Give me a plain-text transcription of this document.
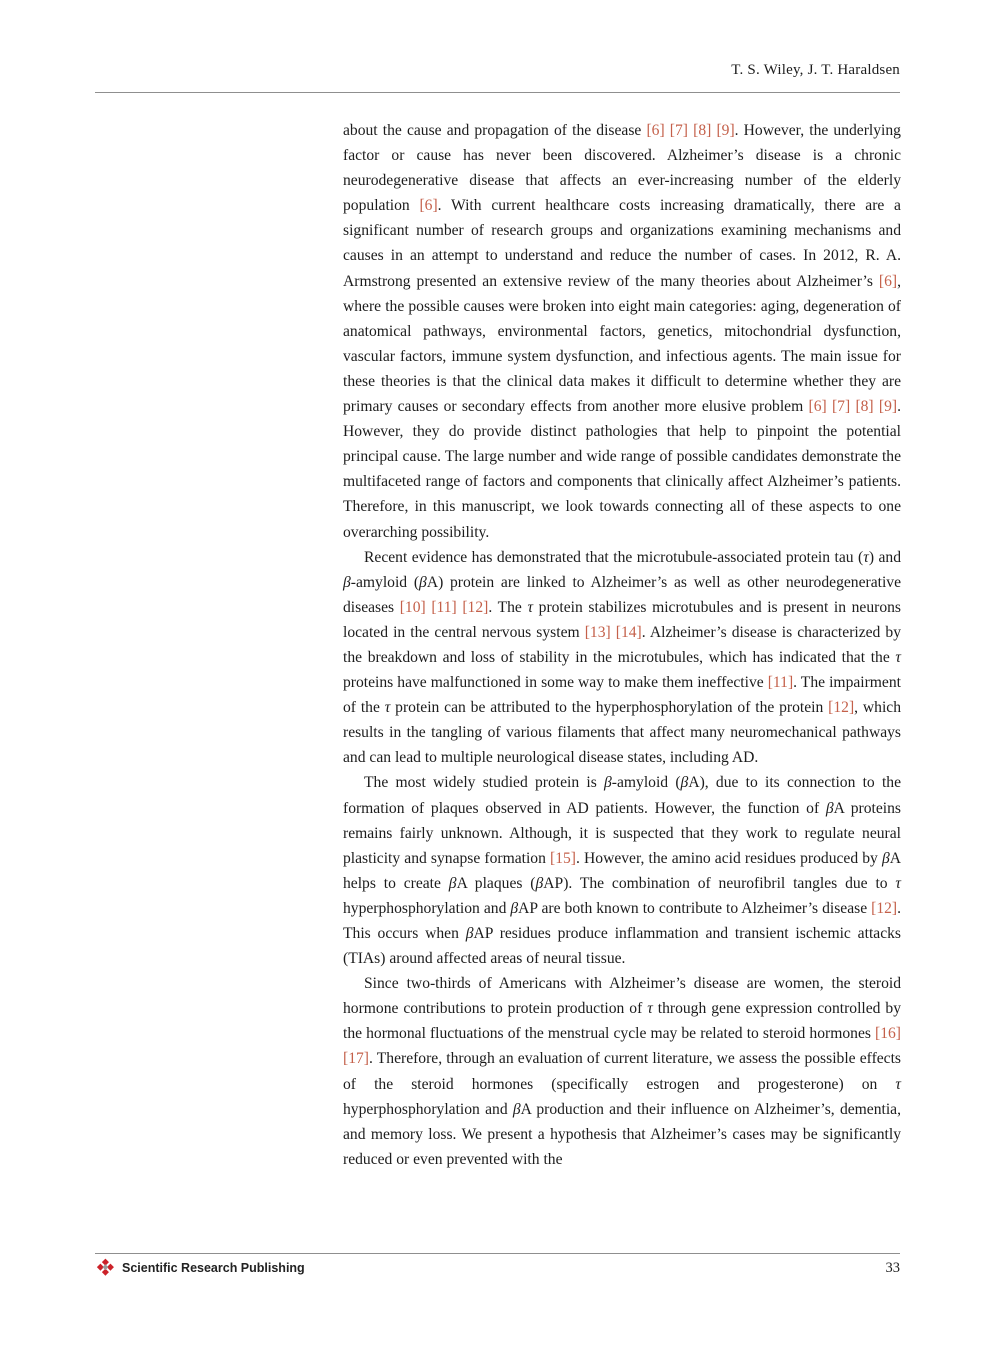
T. S. Wiley, J. T. Haraldsen

about the cause and propagation of the disease [6] [7] [8] [9]. However, the underlying factor or cause has never been discovered. Alzheimer’s disease is a chronic neurodegenerative disease that affects an ever-increasing number of the elderly population [6]. With current healthcare costs increasing dramatically, there are a significant number of research groups and organizations examining mechanisms and causes in an attempt to understand and reduce the number of cases. In 2012, R. A. Armstrong presented an extensive review of the many theories about Alzheimer’s [6], where the possible causes were broken into eight main categories: aging, degeneration of anatomical pathways, environmental factors, genetics, mitochondrial dysfunction, vascular factors, immune system dysfunction, and infectious agents. The main issue for these theories is that the clinical data makes it difficult to determine whether they are primary causes or secondary effects from another more elusive problem [6] [7] [8] [9]. However, they do provide distinct pathologies that help to pinpoint the potential principal cause. The large number and wide range of possible candidates demonstrate the multifaceted range of factors and components that clinically affect Alzheimer’s patients. Therefore, in this manuscript, we look towards connecting all of these aspects to one overarching possibility.

Recent evidence has demonstrated that the microtubule-associated protein tau (τ) and β-amyloid (βA) protein are linked to Alzheimer’s as well as other neurodegenerative diseases [10] [11] [12]. The τ protein stabilizes microtubules and is present in neurons located in the central nervous system [13] [14]. Alzheimer’s disease is characterized by the breakdown and loss of stability in the microtubules, which has indicated that the τ proteins have malfunctioned in some way to make them ineffective [11]. The impairment of the τ protein can be attributed to the hyperphosphorylation of the protein [12], which results in the tangling of various filaments that affect many neuromechanical pathways and can lead to multiple neurological disease states, including AD.

The most widely studied protein is β-amyloid (βA), due to its connection to the formation of plaques observed in AD patients. However, the function of βA proteins remains fairly unknown. Although, it is suspected that they work to regulate neural plasticity and synapse formation [15]. However, the amino acid residues produced by βA helps to create βA plaques (βAP). The combination of neurofibril tangles due to τ hyperphosphorylation and βAP are both known to contribute to Alzheimer’s disease [12]. This occurs when βAP residues produce inflammation and transient ischemic attacks (TIAs) around affected areas of neural tissue.

Since two-thirds of Americans with Alzheimer’s disease are women, the steroid hormone contributions to protein production of τ through gene expression controlled by the hormonal fluctuations of the menstrual cycle may be related to steroid hormones [16] [17]. Therefore, through an evaluation of current literature, we assess the possible effects of the steroid hormones (specifically estrogen and progesterone) on τ hyperphosphorylation and βA production and their influence on Alzheimer’s, dementia, and memory loss. We present a hypothesis that Alzheimer’s cases may be significantly reduced or even prevented with the

Scientific Research Publishing	33
